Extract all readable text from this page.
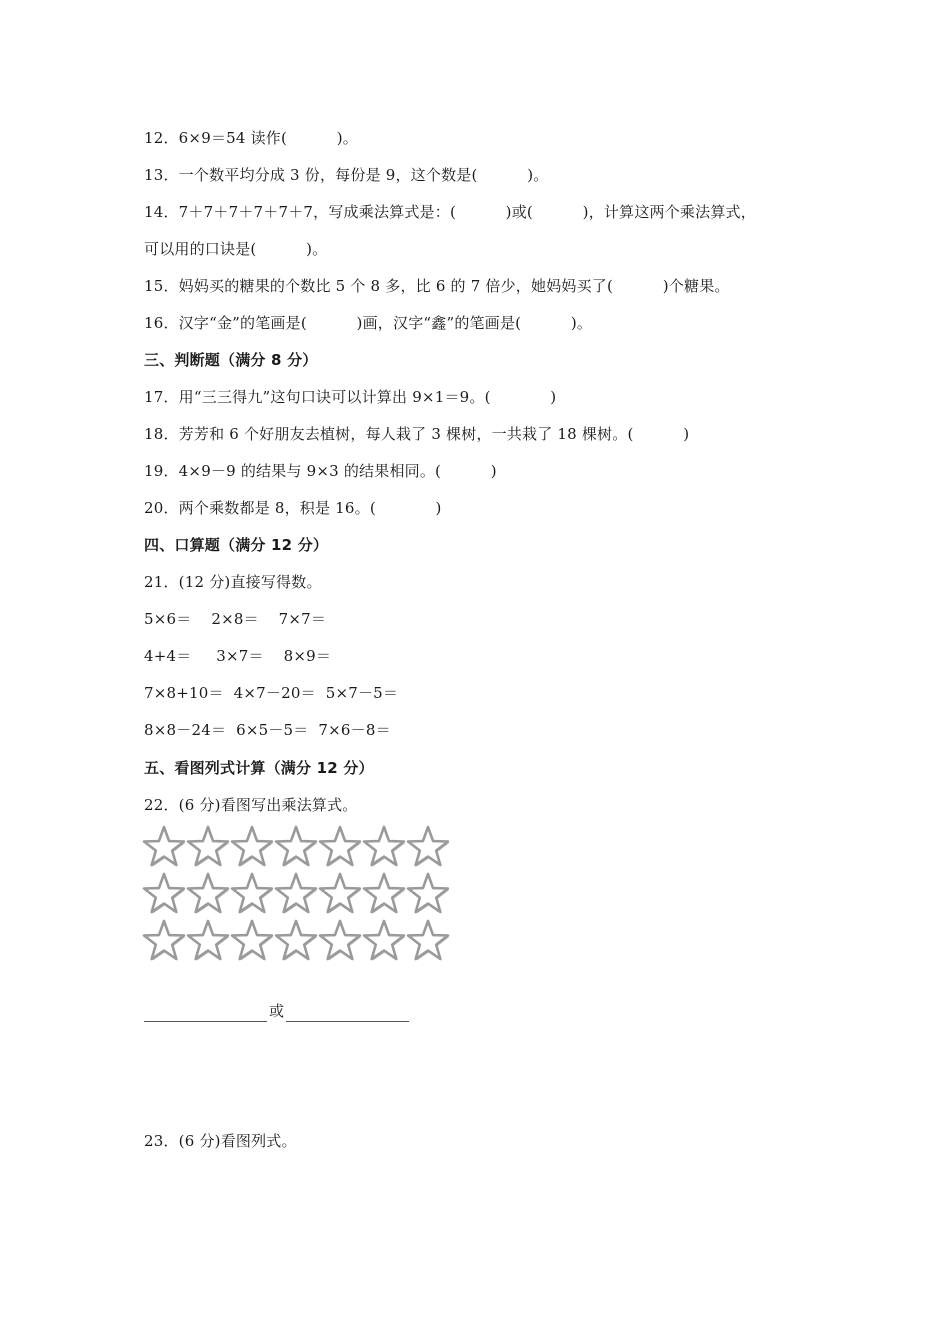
12．6×9＝54 读作(          )。
13．一个数平均分成 3 份，每份是 9，这个数是(          )。
14．7＋7＋7＋7＋7＋7，写成乘法算式是：(          )或(          )，计算这两个乘法算式，
可以用的口诀是(          )。
15．妈妈买的糖果的个数比 5 个 8 多，比 6 的 7 倍少，她妈妈买了(          )个糖果。
16．汉字“金”的笔画是(          )画，汉字“鑫”的笔画是(          )。
三、判断题（满分 8 分）
17．用“三三得九”这句口诀可以计算出 9×1＝9。(            )
18．芳芳和 6 个好朋友去植树，每人栽了 3 棵树，一共栽了 18 棵树。(          )
19．4×9－9 的结果与 9×3 的结果相同。(          )
20．两个乘数都是 8，积是 16。(            )
四、口算题（满分 12 分）
21．(12 分)直接写得数。
5×6＝    2×8＝    7×7＝
4+4＝     3×7＝    8×9＝
7×8+10＝  4×7－20＝  5×7－5＝
8×8－24＝  6×5－5＝  7×6－8＝
五、看图列式计算（满分 12 分）
22．(6 分)看图写出乘法算式。
或
23．(6 分)看图列式。
